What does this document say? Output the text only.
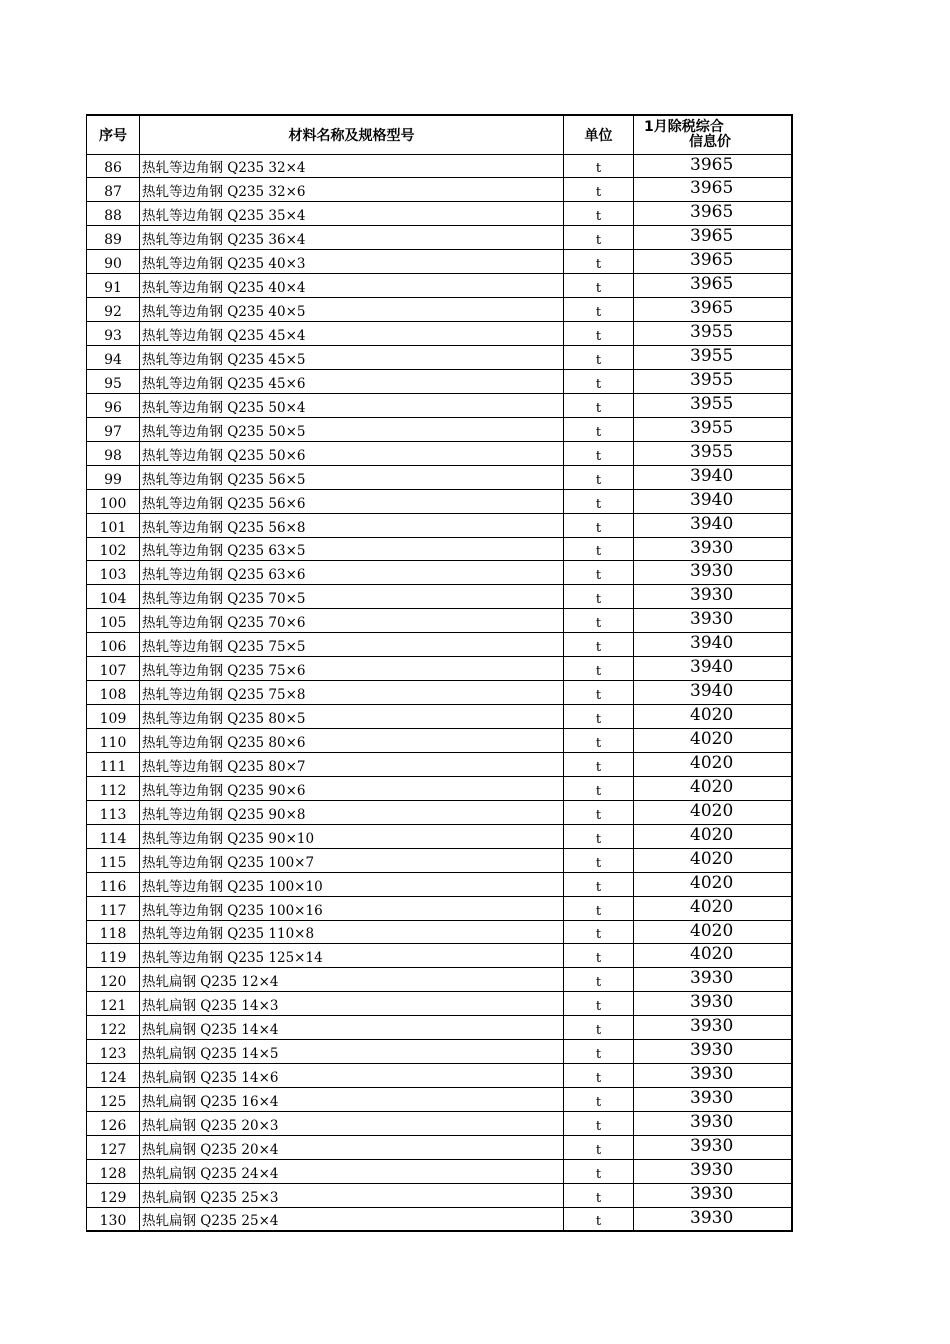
序号	材料名称及规格型号	单位	1月除税综合
信息价

86	热轧等边角钢 Q235 32×4	t	3965
87	热轧等边角钢 Q235 32×6	t	3965
88	热轧等边角钢 Q235 35×4	t	3965
89	热轧等边角钢 Q235 36×4	t	3965
90	热轧等边角钢 Q235 40×3	t	3965
91	热轧等边角钢 Q235 40×4	t	3965
92	热轧等边角钢 Q235 40×5	t	3965
93	热轧等边角钢 Q235 45×4	t	3955
94	热轧等边角钢 Q235 45×5	t	3955
95	热轧等边角钢 Q235 45×6	t	3955
96	热轧等边角钢 Q235 50×4	t	3955
97	热轧等边角钢 Q235 50×5	t	3955
98	热轧等边角钢 Q235 50×6	t	3955
99	热轧等边角钢 Q235 56×5	t	3940
100	热轧等边角钢 Q235 56×6	t	3940
101	热轧等边角钢 Q235 56×8	t	3940
102	热轧等边角钢 Q235 63×5	t	3930
103	热轧等边角钢 Q235 63×6	t	3930
104	热轧等边角钢 Q235 70×5	t	3930
105	热轧等边角钢 Q235 70×6	t	3930
106	热轧等边角钢 Q235 75×5	t	3940
107	热轧等边角钢 Q235 75×6	t	3940
108	热轧等边角钢 Q235 75×8	t	3940
109	热轧等边角钢 Q235 80×5	t	4020
110	热轧等边角钢 Q235 80×6	t	4020
111	热轧等边角钢 Q235 80×7	t	4020
112	热轧等边角钢 Q235 90×6	t	4020
113	热轧等边角钢 Q235 90×8	t	4020
114	热轧等边角钢 Q235 90×10	t	4020
115	热轧等边角钢 Q235 100×7	t	4020
116	热轧等边角钢 Q235 100×10	t	4020
117	热轧等边角钢 Q235 100×16	t	4020
118	热轧等边角钢 Q235 110×8	t	4020
119	热轧等边角钢 Q235 125×14	t	4020
120	热轧扁钢 Q235 12×4	t	3930
121	热轧扁钢 Q235 14×3	t	3930
122	热轧扁钢 Q235 14×4	t	3930
123	热轧扁钢 Q235 14×5	t	3930
124	热轧扁钢 Q235 14×6	t	3930
125	热轧扁钢 Q235 16×4	t	3930
126	热轧扁钢 Q235 20×3	t	3930
127	热轧扁钢 Q235 20×4	t	3930
128	热轧扁钢 Q235 24×4	t	3930
129	热轧扁钢 Q235 25×3	t	3930
130	热轧扁钢 Q235 25×4	t	3930
